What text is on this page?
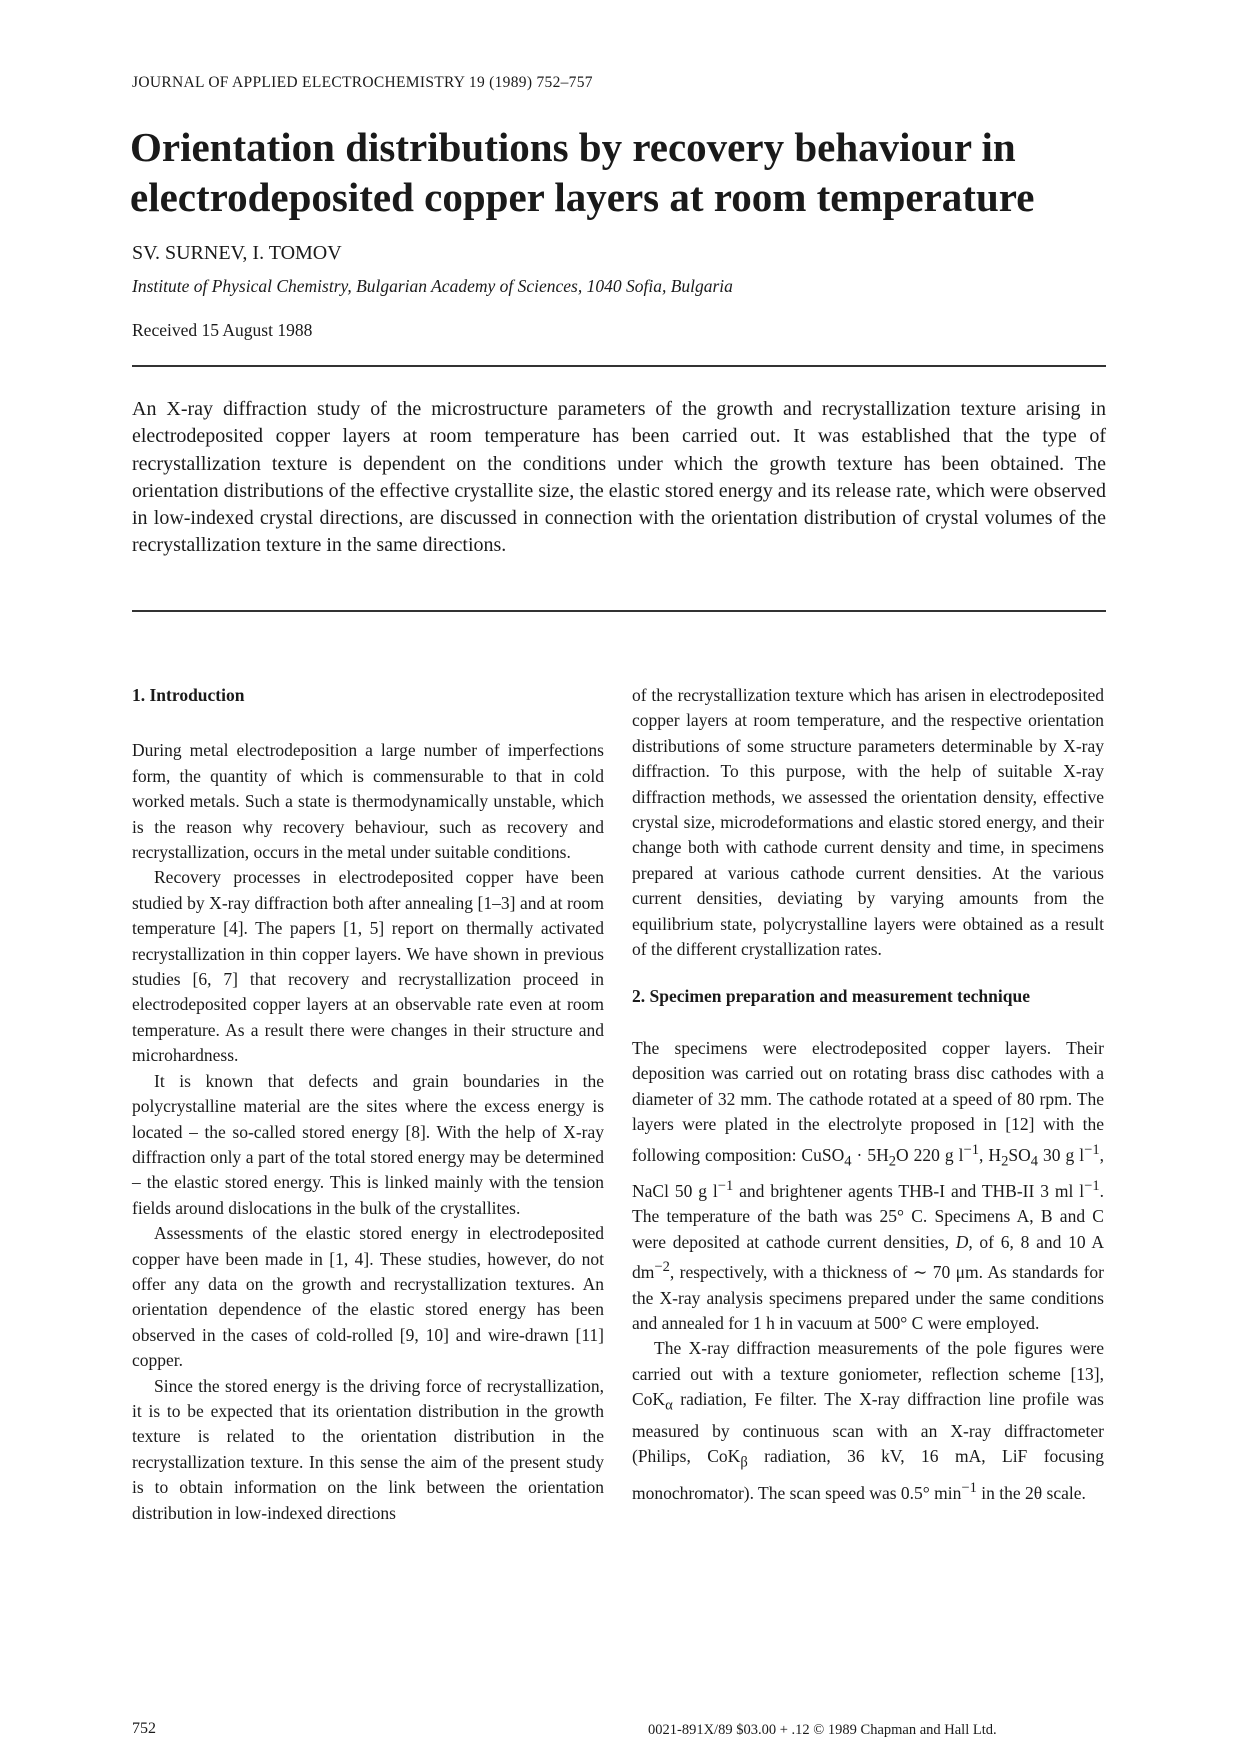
JOURNAL OF APPLIED ELECTROCHEMISTRY 19 (1989) 752–757
Orientation distributions by recovery behaviour in electrodeposited copper layers at room temperature
SV. SURNEV, I. TOMOV
Institute of Physical Chemistry, Bulgarian Academy of Sciences, 1040 Sofia, Bulgaria
Received 15 August 1988
An X-ray diffraction study of the microstructure parameters of the growth and recrystallization texture arising in electrodeposited copper layers at room temperature has been carried out. It was established that the type of recrystallization texture is dependent on the conditions under which the growth texture has been obtained. The orientation distributions of the effective crystallite size, the elastic stored energy and its release rate, which were observed in low-indexed crystal directions, are discussed in connection with the orientation distribution of crystal volumes of the recrystallization texture in the same directions.

1. Introduction

During metal electrodeposition a large number of imperfections form, the quantity of which is commensurable to that in cold worked metals. Such a state is thermodynamically unstable, which is the reason why recovery behaviour, such as recovery and recrystallization, occurs in the metal under suitable conditions.

Recovery processes in electrodeposited copper have been studied by X-ray diffraction both after annealing [1–3] and at room temperature [4]. The papers [1, 5] report on thermally activated recrystallization in thin copper layers. We have shown in previous studies [6, 7] that recovery and recrystallization proceed in electrodeposited copper layers at an observable rate even at room temperature. As a result there were changes in their structure and microhardness.

It is known that defects and grain boundaries in the polycrystalline material are the sites where the excess energy is located – the so-called stored energy [8]. With the help of X-ray diffraction only a part of the total stored energy may be determined – the elastic stored energy. This is linked mainly with the tension fields around dislocations in the bulk of the crystallites.

Assessments of the elastic stored energy in electrodeposited copper have been made in [1, 4]. These studies, however, do not offer any data on the growth and recrystallization textures. An orientation dependence of the elastic stored energy has been observed in the cases of cold-rolled [9, 10] and wire-drawn [11] copper.

Since the stored energy is the driving force of recrystallization, it is to be expected that its orientation distribution in the growth texture is related to the orientation distribution in the recrystallization texture. In this sense the aim of the present study is to obtain information on the link between the orientation distribution in low-indexed directions

of the recrystallization texture which has arisen in electrodeposited copper layers at room temperature, and the respective orientation distributions of some structure parameters determinable by X-ray diffraction. To this purpose, with the help of suitable X-ray diffraction methods, we assessed the orientation density, effective crystal size, microdeformations and elastic stored energy, and their change both with cathode current density and time, in specimens prepared at various cathode current densities. At the various current densities, deviating by varying amounts from the equilibrium state, polycrystalline layers were obtained as a result of the different crystallization rates.

2. Specimen preparation and measurement technique

The specimens were electrodeposited copper layers. Their deposition was carried out on rotating brass disc cathodes with a diameter of 32 mm. The cathode rotated at a speed of 80 rpm. The layers were plated in the electrolyte proposed in [12] with the following composition: CuSO$_4$ · $5H_2O$ 220 g $l^{-1}$, $H_2SO_4$ 30 g $l^{-1}$, NaCl 50 g $l^{-1}$ and brightener agents THB-I and THB-II 3 ml $l^{-1}$. The temperature of the bath was 25° C. Specimens A, B and C were deposited at cathode current densities, D, of 6, 8 and 10 A $dm^{-2}$, respectively, with a thickness of ∼ 70 μm. As standards for the X-ray analysis specimens prepared under the same conditions and annealed for 1 h in vacuum at 500° C were employed.

The X-ray diffraction measurements of the pole figures were carried out with a texture goniometer, reflection scheme [13], CoK$_\alpha$ radiation, Fe filter. The X-ray diffraction line profile was measured by continuous scan with an X-ray diffractometer (Philips, CoK$_\beta$ radiation, 36 kV, 16 mA, LiF focusing monochromator). The scan speed was 0.5° $\min^{-1}$ in the 2θ scale.

752	0021-891X/89 $03.00 + .12 © 1989 Chapman and Hall Ltd.
